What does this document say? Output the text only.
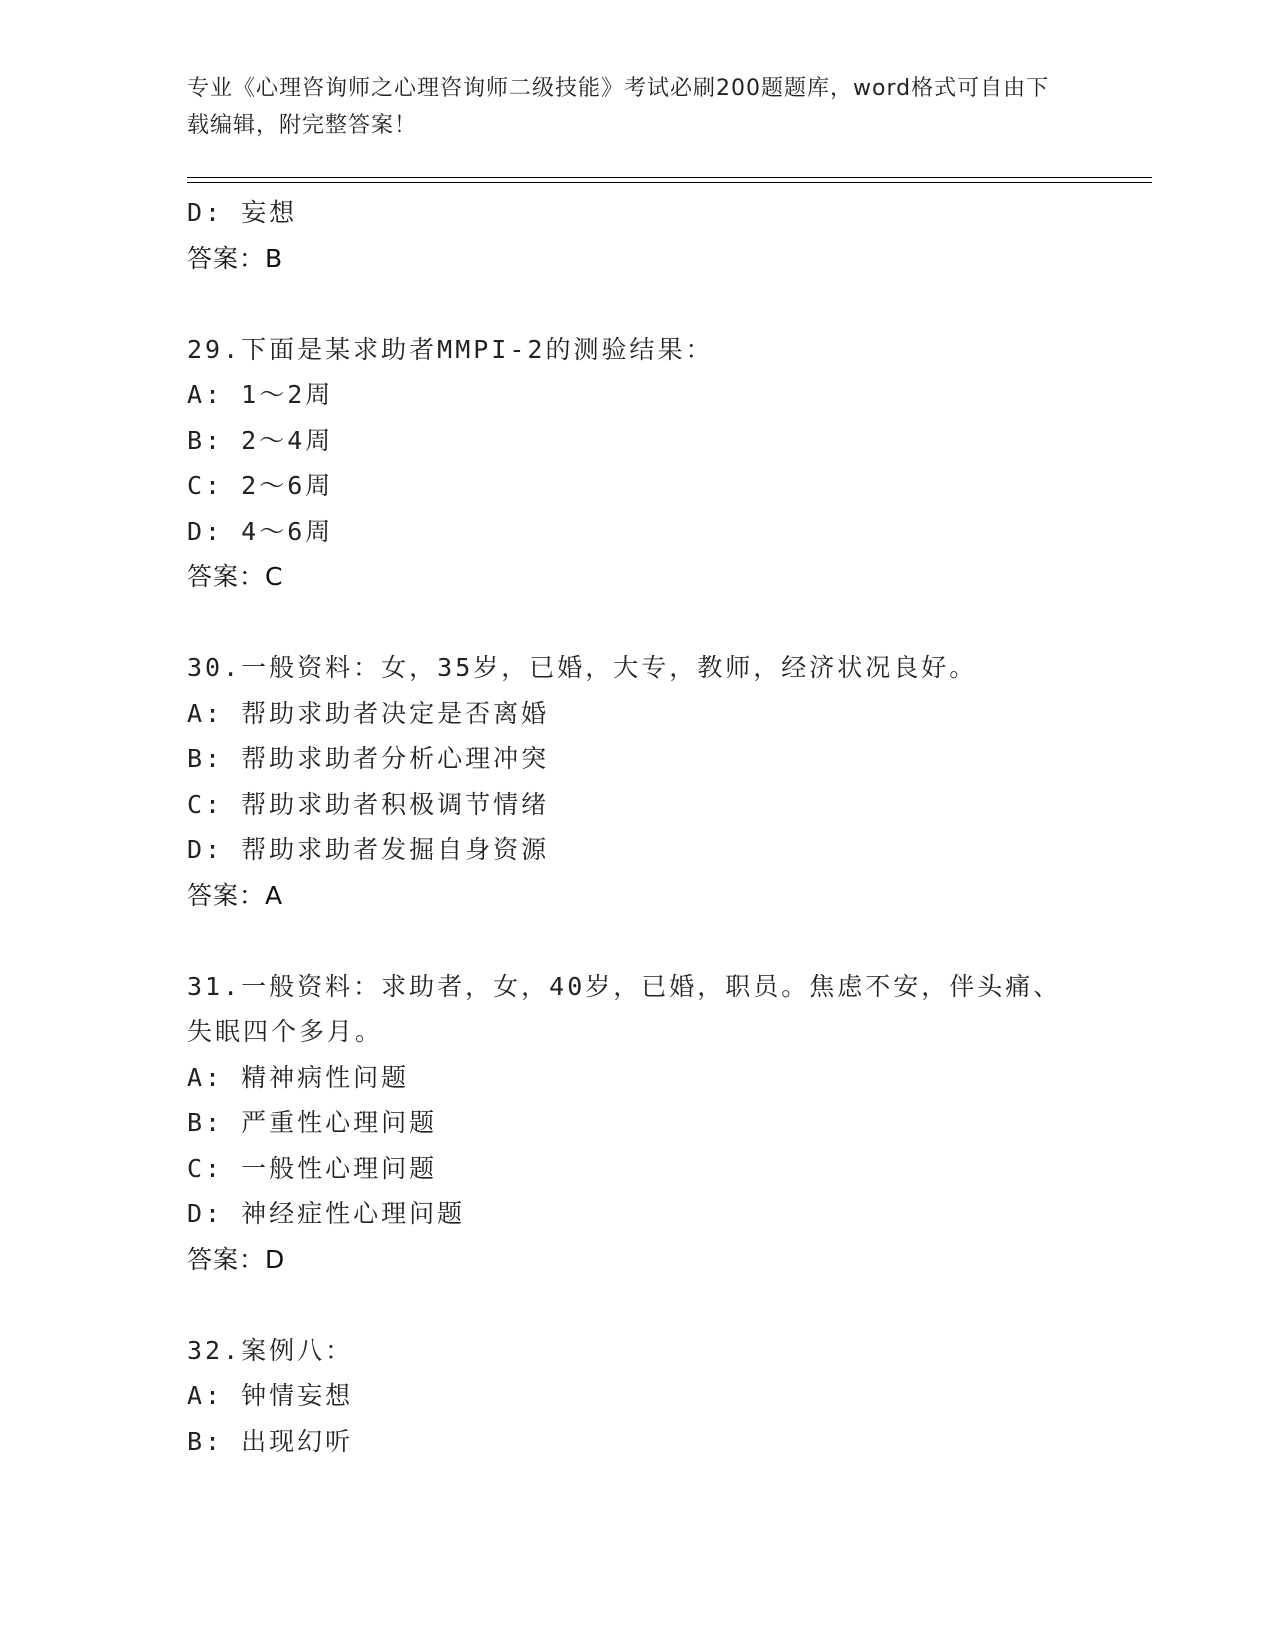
专业《心理咨询师之心理咨询师二级技能》考试必刷200题题库，word格式可自由下载编辑，附完整答案！
D: 妄想
答案：B
29.下面是某求助者MMPI-2的测验结果：
A: 1～2周
B: 2～4周
C: 2～6周
D: 4～6周
答案：C
30.一般资料：女，35岁，已婚，大专，教师，经济状况良好。
A: 帮助求助者决定是否离婚
B: 帮助求助者分析心理冲突
C: 帮助求助者积极调节情绪
D: 帮助求助者发掘自身资源
答案：A
31.一般资料：求助者，女，40岁，已婚，职员。焦虑不安，伴头痛、失眠四个多月。
A: 精神病性问题
B: 严重性心理问题
C: 一般性心理问题
D: 神经症性心理问题
答案：D
32.案例八：
A: 钟情妄想
B: 出现幻听
